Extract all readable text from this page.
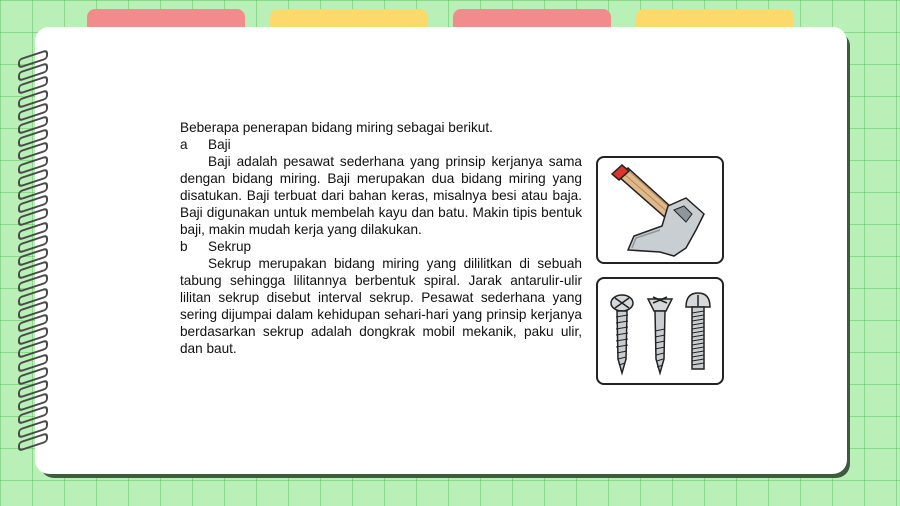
Beberapa penerapan bidang miring sebagai berikut.

a	Baji

Baji adalah pesawat sederhana yang prinsip kerjanya sama dengan bidang miring. Baji merupakan dua bidang miring yang disatukan. Baji terbuat dari bahan keras, misalnya besi atau baja. Baji digunakan untuk membelah kayu dan batu. Makin tipis bentuk baji, makin mudah kerja yang dilakukan.

b	Sekrup

Sekrup merupakan bidang miring yang dililitkan di sebuah tabung sehingga lilitannya berbentuk spiral. Jarak antarulir-ulir lilitan sekrup disebut interval sekrup. Pesawat sederhana yang sering dijumpai dalam kehidupan sehari-hari yang prinsip kerjanya berdasarkan sekrup adalah dongkrak mobil mekanik, paku ulir, dan baut.
